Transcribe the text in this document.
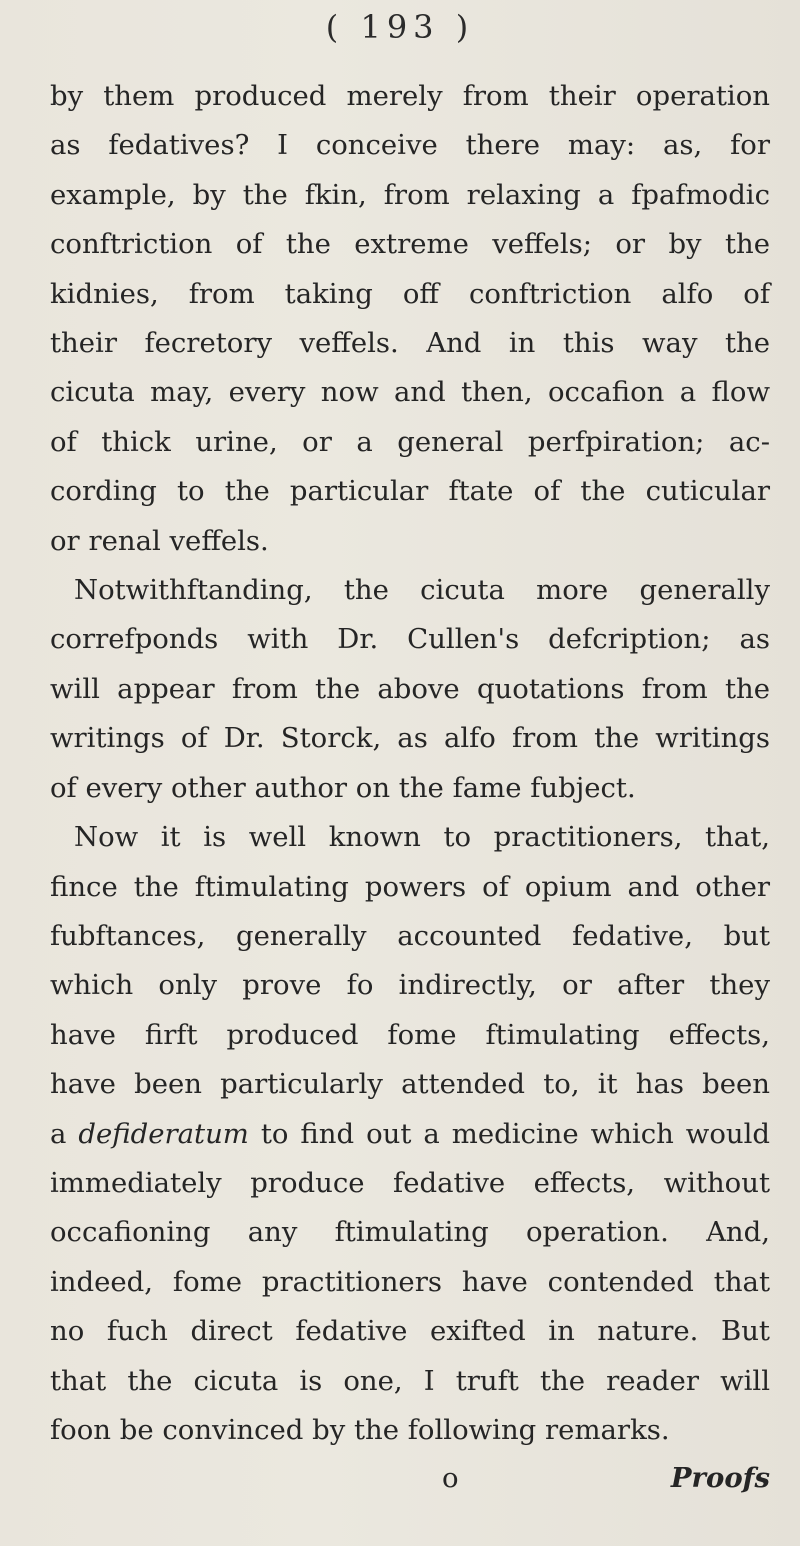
( 193 )
by them produced merely from their operation
as fedatives? I conceive there may: as, for
example, by the fkin, from relaxing a fpafmodic
conftriction of the extreme veffels; or by the
kidnies, from taking off conftriction alfo of
their fecretory veffels. And in this way the
cicuta may, every now and then, occafion a flow
of thick urine, or a general perfpiration; ac-
cording to the particular ftate of the cuticular
or renal veffels.
Notwithftanding, the cicuta more generally
correfponds with Dr. Cullen's defcription; as
will appear from the above quotations from the
writings of Dr. Storck, as alfo from the writings
of every other author on the fame fubject.
Now it is well known to practitioners, that,
fince the ftimulating powers of opium and other
fubftances, generally accounted fedative, but
which only prove fo indirectly, or after they
have firft produced fome ftimulating effects,
have been particularly attended to, it has been
a defideratum to find out a medicine which would
immediately produce fedative effects, without
occafioning any ftimulating operation. And,
indeed, fome practitioners have contended that
no fuch direct fedative exifted in nature. But
that the cicuta is one, I truft the reader will
foon be convinced by the following remarks.
o	Proofs
